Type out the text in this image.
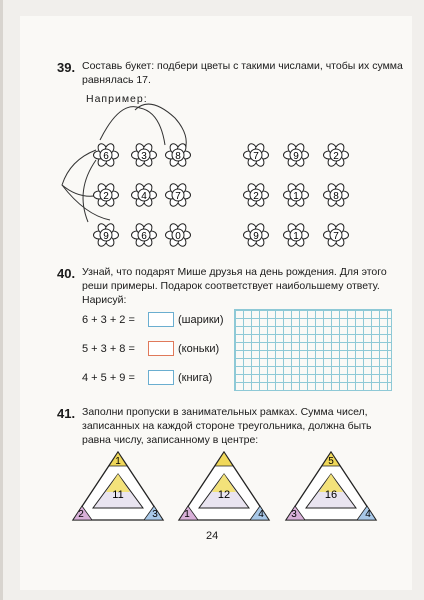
39. Составь букет: подбери цветы с такими числами, чтобы их сумма
равнялась 17.
Например:
6	3	8
2	4	7
9	6	0
7	9	2
2	1	8
9	1	7
40. Узнай, что подарят Мише друзья на день рождения. Для этого
реши примеры. Подарок соответствует наибольшему ответу.
Нарисуй:
6 + 3 + 2 =	(шарики)
5 + 3 + 8 =	(коньки)
4 + 5 + 9 =	(книга)
41. Заполни пропуски в занимательных рамках. Сумма чисел,
записанных на каждой стороне треугольника, должна быть
равна числу, записанному в центре:
1
11
2	3
12
1	4
5
16
3	4
24
